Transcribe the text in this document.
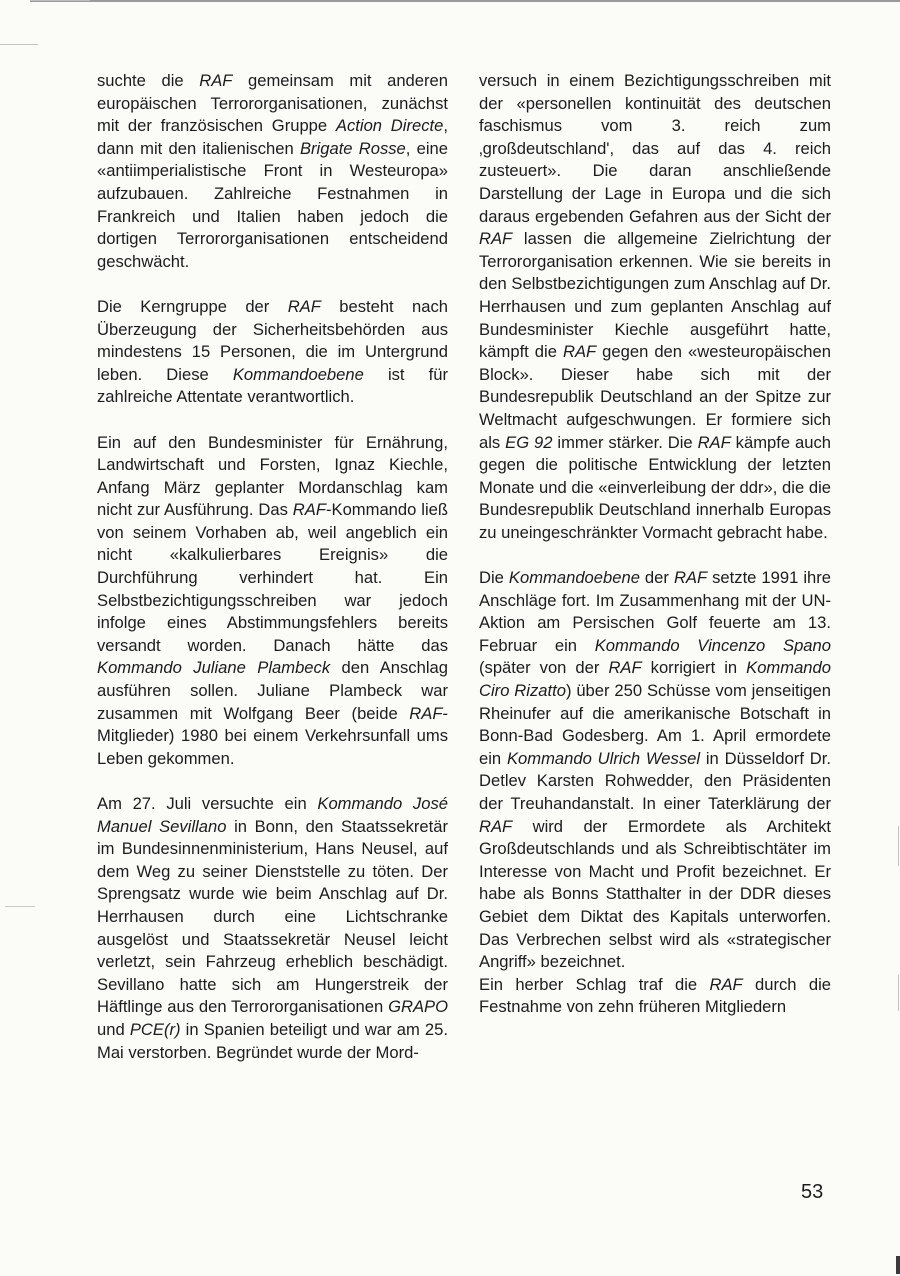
suchte die RAF gemeinsam mit anderen europäischen Terrororganisationen, zunächst mit der französischen Gruppe Action Directe, dann mit den italienischen Brigate Rosse, eine «antiimperialistische Front in Westeuropa» aufzubauen. Zahlreiche Festnahmen in Frankreich und Italien haben jedoch die dortigen Terrororganisationen entscheidend geschwächt.

Die Kerngruppe der RAF besteht nach Überzeugung der Sicherheitsbehörden aus mindestens 15 Personen, die im Untergrund leben. Diese Kommandoebene ist für zahlreiche Attentate verantwortlich.

Ein auf den Bundesminister für Ernährung, Landwirtschaft und Forsten, Ignaz Kiechle, Anfang März geplanter Mordanschlag kam nicht zur Ausführung. Das RAF-Kommando ließ von seinem Vorhaben ab, weil angeblich ein nicht «kalkulierbares Ereignis» die Durchführung verhindert hat. Ein Selbstbezichtigungsschreiben war jedoch infolge eines Abstimmungsfehlers bereits versandt worden. Danach hätte das Kommando Juliane Plambeck den Anschlag ausführen sollen. Juliane Plambeck war zusammen mit Wolfgang Beer (beide RAF-Mitglieder) 1980 bei einem Verkehrsunfall ums Leben gekommen.

Am 27. Juli versuchte ein Kommando José Manuel Sevillano in Bonn, den Staatssekretär im Bundesinnenministerium, Hans Neusel, auf dem Weg zu seiner Dienststelle zu töten. Der Sprengsatz wurde wie beim Anschlag auf Dr. Herrhausen durch eine Lichtschranke ausgelöst und Staatssekretär Neusel leicht verletzt, sein Fahrzeug erheblich beschädigt. Sevillano hatte sich am Hungerstreik der Häftlinge aus den Terrororganisationen GRAPO und PCE(r) in Spanien beteiligt und war am 25. Mai verstorben. Begründet wurde der Mord-

versuch in einem Bezichtigungsschreiben mit der «personellen kontinuität des deutschen faschismus vom 3. reich zum ‚großdeutschland', das auf das 4. reich zusteuert». Die daran anschließende Darstellung der Lage in Europa und die sich daraus ergebenden Gefahren aus der Sicht der RAF lassen die allgemeine Zielrichtung der Terrororganisation erkennen. Wie sie bereits in den Selbstbezichtigungen zum Anschlag auf Dr. Herrhausen und zum geplanten Anschlag auf Bundesminister Kiechle ausgeführt hatte, kämpft die RAF gegen den «westeuropäischen Block». Dieser habe sich mit der Bundesrepublik Deutschland an der Spitze zur Weltmacht aufgeschwungen. Er formiere sich als EG 92 immer stärker. Die RAF kämpfe auch gegen die politische Entwicklung der letzten Monate und die «einverleibung der ddr», die die Bundesrepublik Deutschland innerhalb Europas zu uneingeschränkter Vormacht gebracht habe.

Die Kommandoebene der RAF setzte 1991 ihre Anschläge fort. Im Zusammenhang mit der UN-Aktion am Persischen Golf feuerte am 13. Februar ein Kommando Vincenzo Spano (später von der RAF korrigiert in Kommando Ciro Rizatto) über 250 Schüsse vom jenseitigen Rheinufer auf die amerikanische Botschaft in Bonn-Bad Godesberg. Am 1. April ermordete ein Kommando Ulrich Wessel in Düsseldorf Dr. Detlev Karsten Rohwedder, den Präsidenten der Treuhandanstalt. In einer Taterklärung der RAF wird der Ermordete als Architekt Großdeutschlands und als Schreibtischtäter im Interesse von Macht und Profit bezeichnet. Er habe als Bonns Statthalter in der DDR dieses Gebiet dem Diktat des Kapitals unterworfen. Das Verbrechen selbst wird als «strategischer Angriff» bezeichnet.

Ein herber Schlag traf die RAF durch die Festnahme von zehn früheren Mitgliedern

53
